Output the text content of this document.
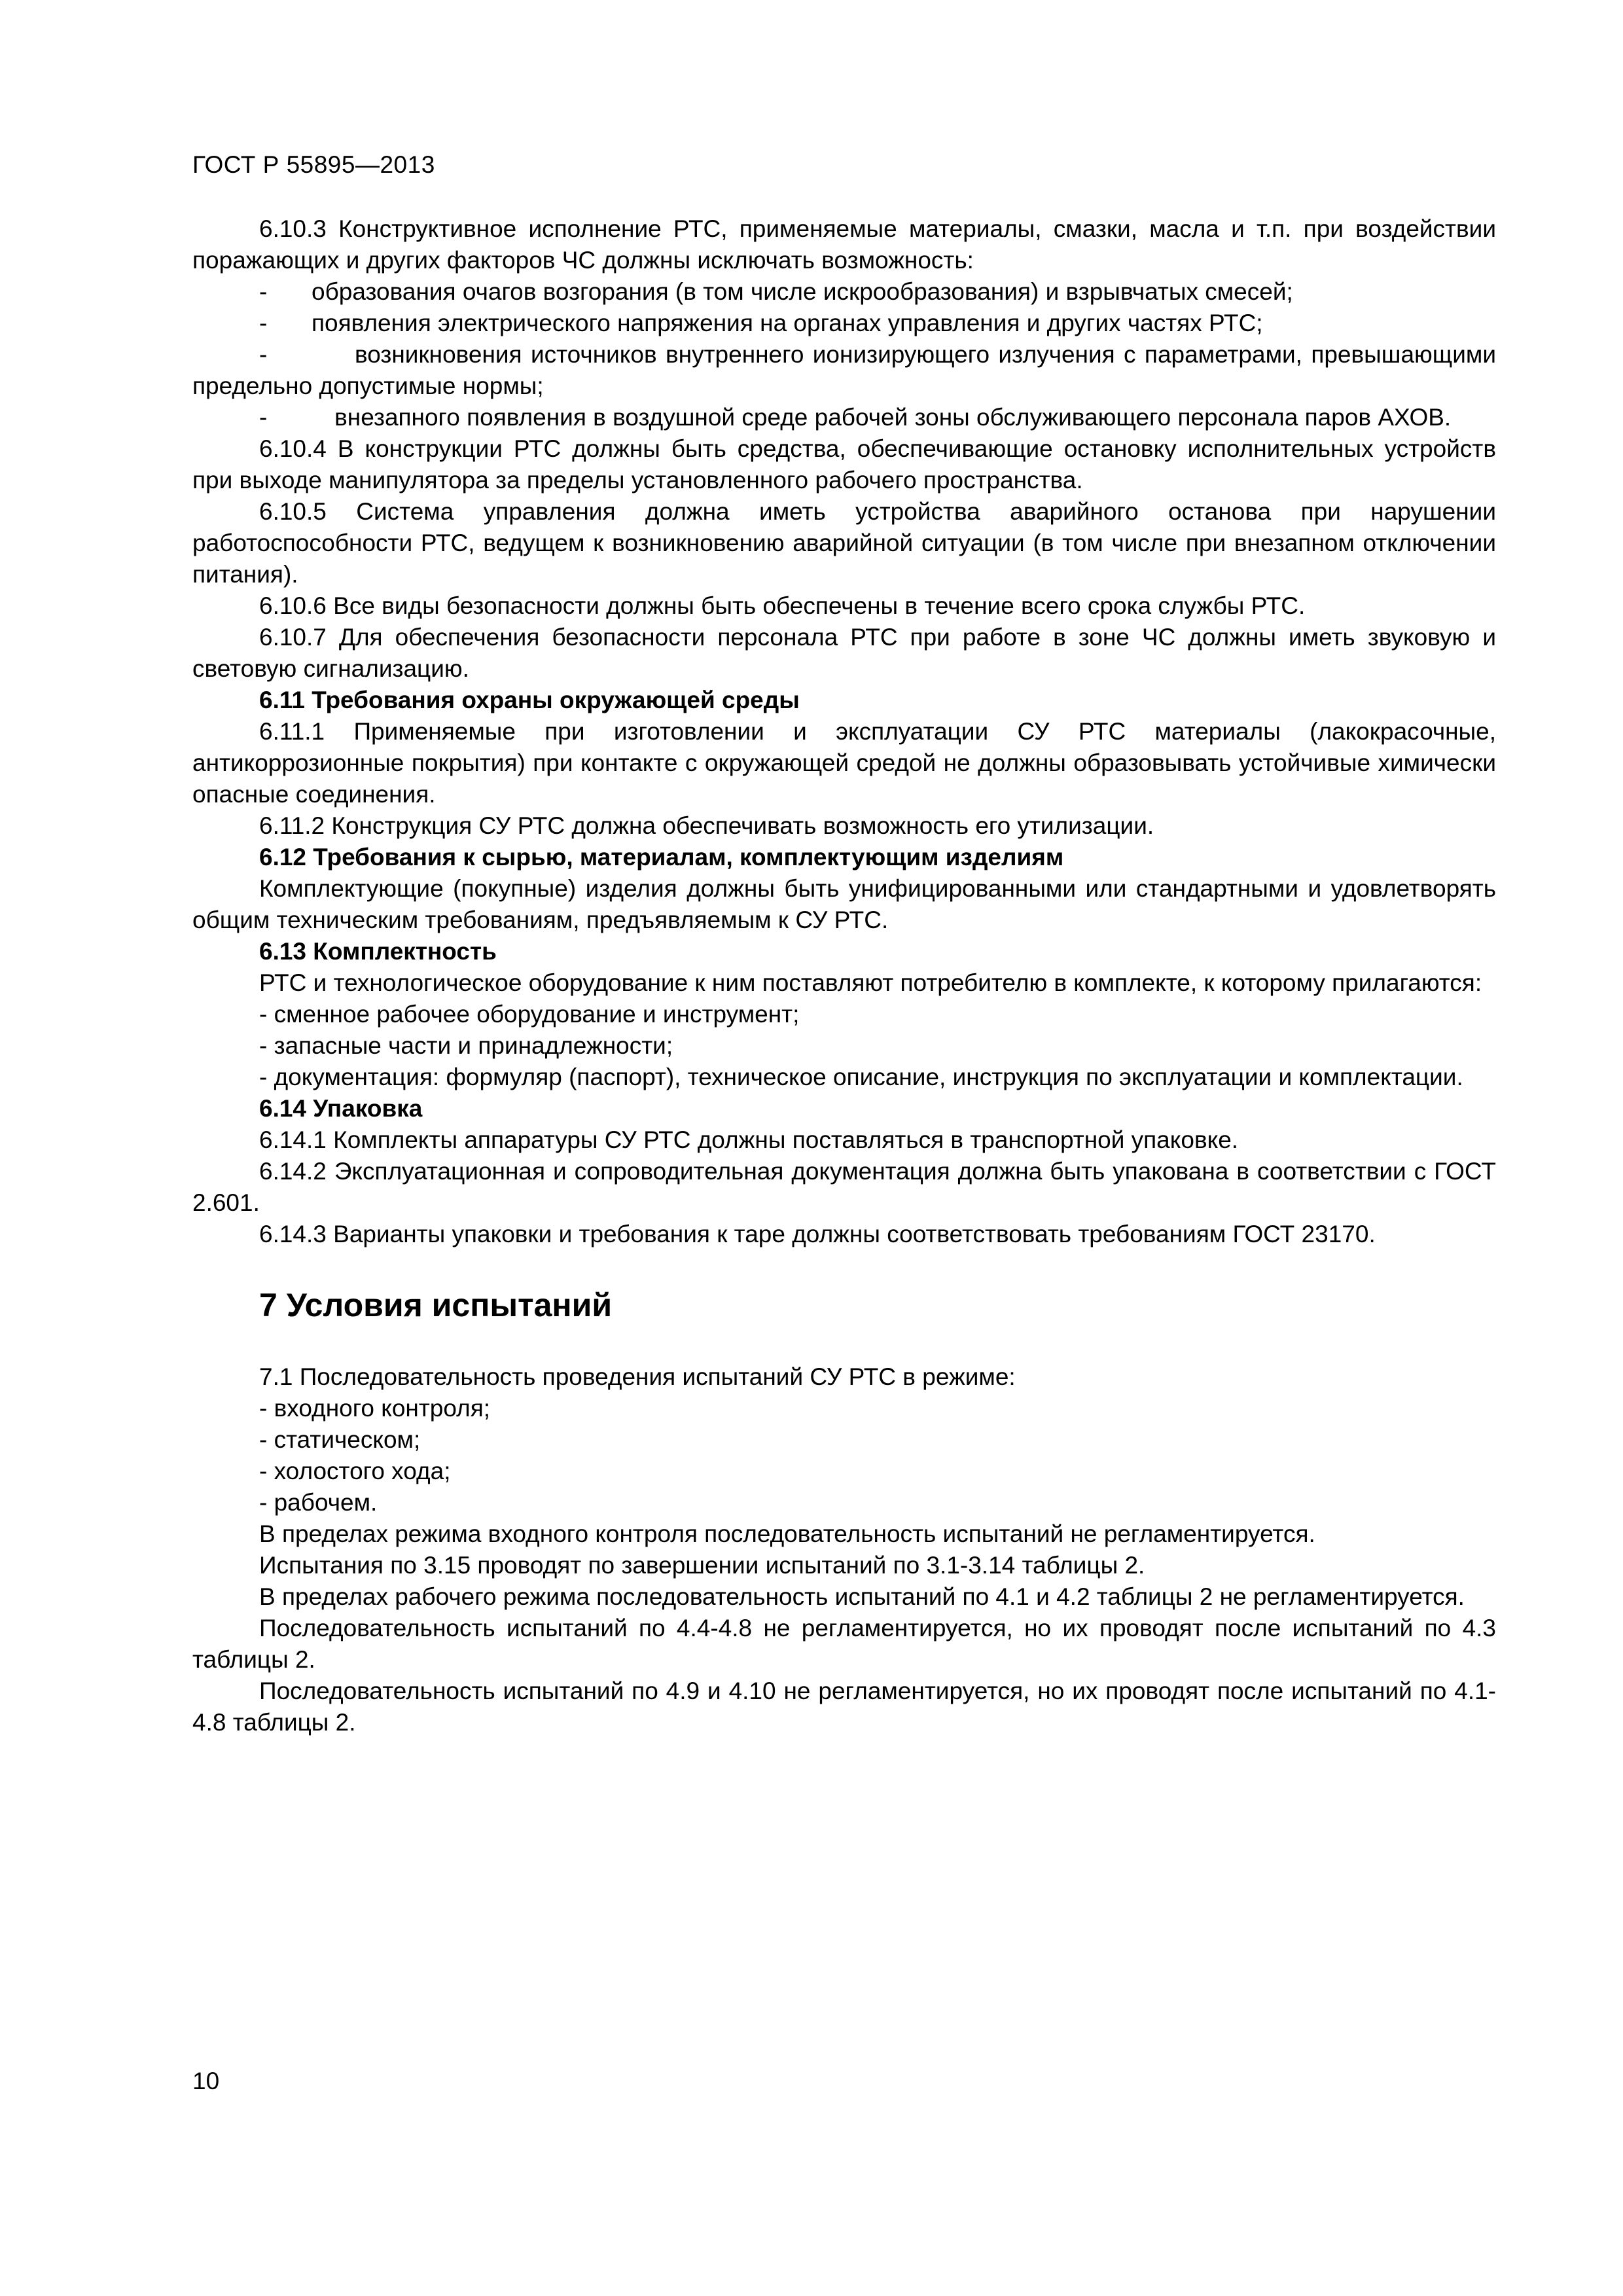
ГОСТ Р 55895—2013

6.10.3 Конструктивное исполнение РТС, применяемые материалы, смазки, масла и т.п. при воздействии поражающих и других факторов ЧС должны исключать возможность:

-	образования очагов возгорания (в том числе искрообразования) и взрывчатых смесей;
-	появления электрического напряжения на органах управления и других частях РТС;

-          возникновения источников внутреннего ионизирующего излучения с параметрами, превышающими предельно допустимые нормы;

-          внезапного появления в воздушной среде рабочей зоны обслуживающего персонала паров АХОВ.

6.10.4 В конструкции РТС должны быть средства, обеспечивающие остановку исполнительных устройств при выходе манипулятора за пределы установленного рабочего пространства.

6.10.5 Система управления должна иметь устройства аварийного останова при нарушении работоспособности РТС, ведущем к возникновению аварийной ситуации (в том числе при внезапном отключении питания).

6.10.6 Все виды безопасности должны быть обеспечены в течение всего срока службы РТС.

6.10.7 Для обеспечения безопасности персонала РТС при работе в зоне ЧС должны иметь звуковую и световую сигнализацию.

6.11 Требования охраны окружающей среды

6.11.1 Применяемые при изготовлении и эксплуатации СУ РТС материалы (лакокрасочные, антикоррозионные покрытия) при контакте с окружающей средой не должны образовывать устойчивые химически опасные соединения.

6.11.2 Конструкция СУ РТС должна обеспечивать возможность его утилизации.

6.12 Требования к сырью, материалам, комплектующим изделиям

Комплектующие (покупные) изделия должны быть унифицированными или стандартными и удовлетворять общим техническим требованиям, предъявляемым к СУ РТС.

6.13 Комплектность

РТС и технологическое оборудование к ним поставляют потребителю в комплекте, к которому прилагаются:

- сменное рабочее оборудование и инструмент;

- запасные части и принадлежности;

- документация: формуляр (паспорт), техническое описание, инструкция по эксплуатации и комплектации.

6.14 Упаковка

6.14.1 Комплекты аппаратуры СУ РТС должны поставляться в транспортной упаковке.

6.14.2 Эксплуатационная и сопроводительная документация должна быть упакована в соответствии с ГОСТ 2.601.

6.14.3 Варианты упаковки и требования к таре должны соответствовать требованиям ГОСТ 23170.

7 Условия испытаний

7.1 Последовательность проведения испытаний СУ РТС в режиме:

- входного контроля;

- статическом;

- холостого хода;

- рабочем.

В пределах режима входного контроля последовательность испытаний не регламентируется.

Испытания по 3.15 проводят по завершении испытаний по 3.1-3.14 таблицы 2.

В пределах рабочего режима последовательность испытаний по 4.1 и 4.2 таблицы 2 не регламентируется.

Последовательность испытаний по 4.4-4.8 не регламентируется, но их проводят после испытаний по 4.3 таблицы 2.

Последовательность испытаний по 4.9 и 4.10 не регламентируется, но их проводят после испытаний по 4.1-4.8 таблицы 2.

10
